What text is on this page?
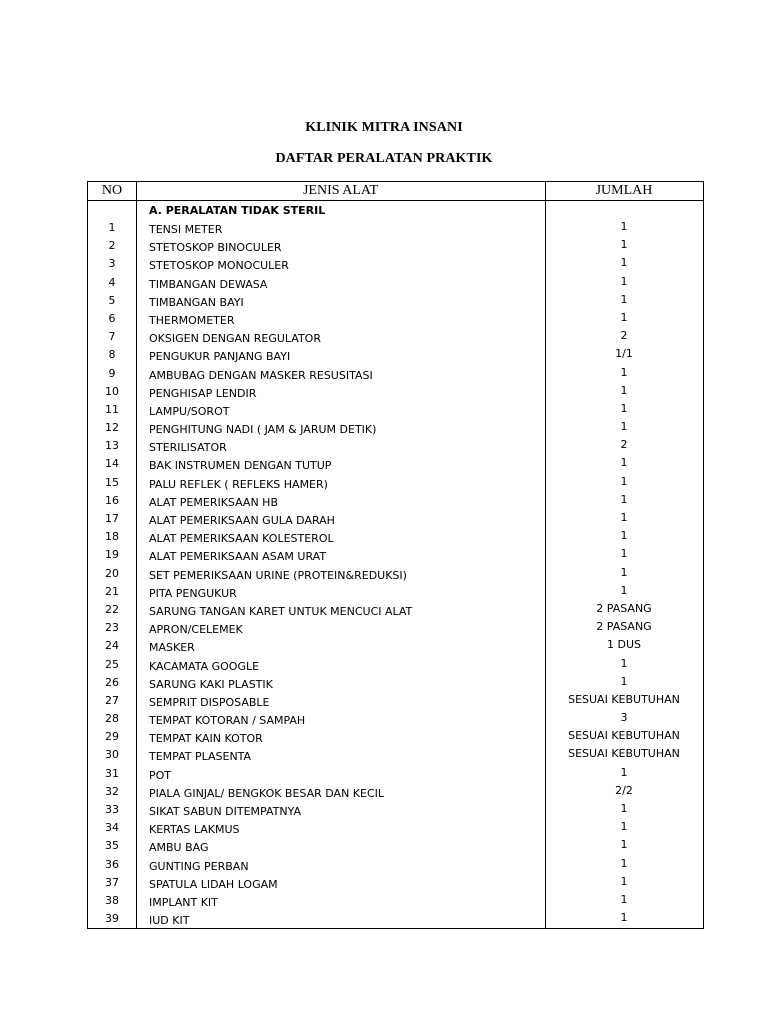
KLINIK MITRA INSANI
DAFTAR PERALATAN PRAKTIK
NO	JENIS ALAT	JUMLAH
A. PERALATAN TIDAK STERIL
1	TENSI METER	1
2	STETOSKOP BINOCULER	1
3	STETOSKOP MONOCULER	1
4	TIMBANGAN DEWASA	1
5	TIMBANGAN BAYI	1
6	THERMOMETER	1
7	OKSIGEN DENGAN REGULATOR	2
8	PENGUKUR PANJANG BAYI	1/1
9	AMBUBAG DENGAN MASKER RESUSITASI	1
10	PENGHISAP LENDIR	1
11	LAMPU/SOROT	1
12	PENGHITUNG NADI ( JAM & JARUM DETIK)	1
13	STERILISATOR	2
14	BAK INSTRUMEN DENGAN TUTUP	1
15	PALU REFLEK ( REFLEKS HAMER)	1
16	ALAT PEMERIKSAAN HB	1
17	ALAT PEMERIKSAAN GULA DARAH	1
18	ALAT PEMERIKSAAN KOLESTEROL	1
19	ALAT PEMERIKSAAN ASAM URAT	1
20	SET PEMERIKSAAN URINE (PROTEIN&REDUKSI)	1
21	PITA PENGUKUR	1
22	SARUNG TANGAN KARET UNTUK MENCUCI ALAT	2 PASANG
23	APRON/CELEMEK	2 PASANG
24	MASKER	1 DUS
25	KACAMATA GOOGLE	1
26	SARUNG KAKI PLASTIK	1
27	SEMPRIT DISPOSABLE	SESUAI KEBUTUHAN
28	TEMPAT KOTORAN / SAMPAH	3
29	TEMPAT KAIN KOTOR	SESUAI KEBUTUHAN
30	TEMPAT PLASENTA	SESUAI KEBUTUHAN
31	POT	1
32	PIALA GINJAL/ BENGKOK BESAR DAN KECIL	2/2
33	SIKAT SABUN DITEMPATNYA	1
34	KERTAS LAKMUS	1
35	AMBU BAG	1
36	GUNTING PERBAN	1
37	SPATULA LIDAH LOGAM	1
38	IMPLANT KIT	1
39	IUD KIT	1
